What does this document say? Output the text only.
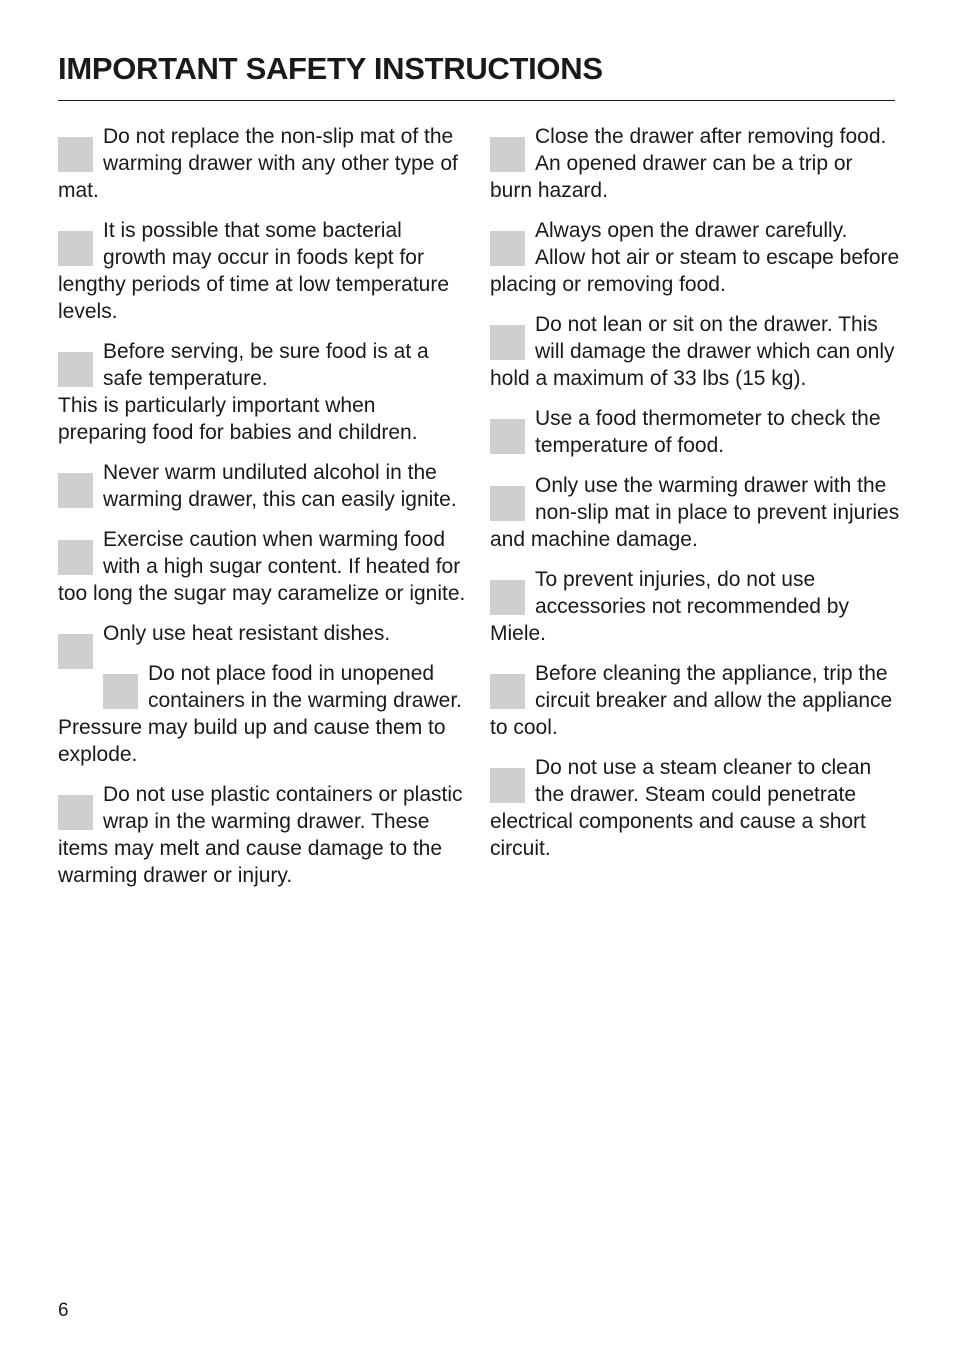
IMPORTANT SAFETY INSTRUCTIONS

Do not replace the non-slip mat of the warming drawer with any other type of mat.

It is possible that some bacterial growth may occur in foods kept for lengthy periods of time at low temperature levels.

Before serving, be sure food is at a safe temperature.

This is particularly important when preparing food for babies and children.

Never warm undiluted alcohol in the warming drawer, this can easily ignite.

Exercise caution when warming food with a high sugar content. If heated for too long the sugar may caramelize or ignite.

Only use heat resistant dishes.

Do not place food in unopened containers in the warming drawer. Pressure may build up and cause them to explode.

Do not use plastic containers or plastic wrap in the warming drawer. These items may melt and cause damage to the warming drawer or injury.

Close the drawer after removing food. An opened drawer can be a trip or burn hazard.

Always open the drawer carefully. Allow hot air or steam to escape before placing or removing food.

Do not lean or sit on the drawer. This will damage the drawer which can only hold a maximum of 33 lbs (15 kg).

Use a food thermometer to check the temperature of food.

Only use the warming drawer with the non-slip mat in place to prevent injuries and machine damage.

To prevent injuries, do not use accessories not recommended by Miele.

Before cleaning the appliance, trip the circuit breaker and allow the appliance to cool.

Do not use a steam cleaner to clean the drawer. Steam could penetrate electrical components and cause a short circuit.

6
